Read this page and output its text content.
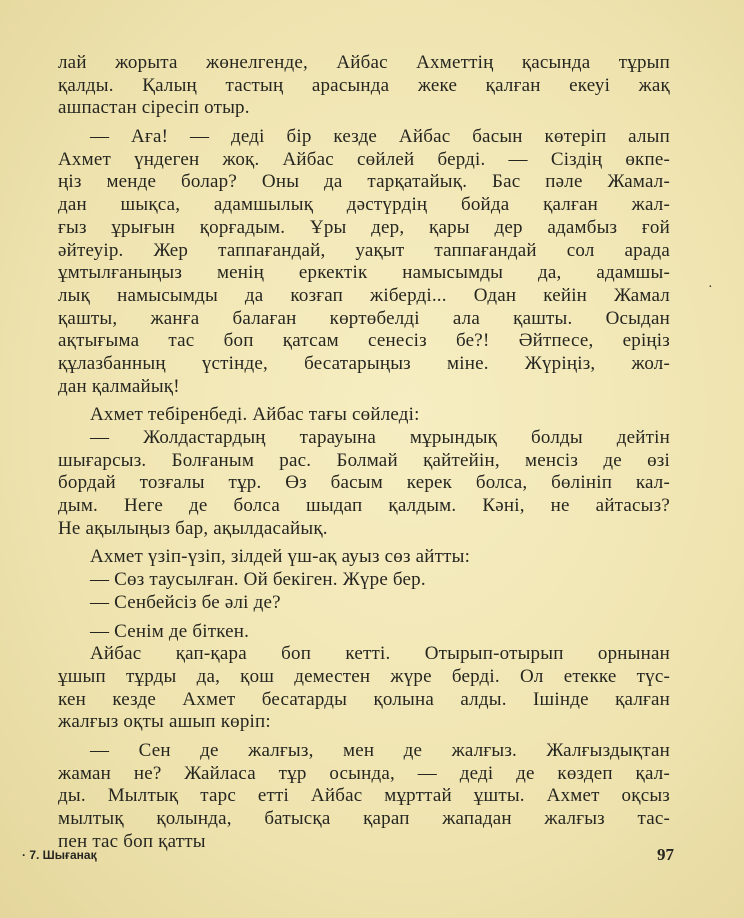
лай жорыта жөнелгенде, Айбас Ахметтің қасында тұрып
қалды. Қалың тастың арасында жеке қалған екеуі жақ
ашпастан сіресіп отыр.
— Аға! — деді бір кезде Айбас басын көтеріп алып
Ахмет үндеген жоқ. Айбас сөйлей берді. — Сіздің өкпе-
ңіз менде болар? Оны да тарқатайық. Бас пәле Жамал-
дан шықса, адамшылық дәстүрдің бойда қалған жал-
ғыз ұрығын қорғадым. Ұры дер, қары дер адамбыз ғой
әйтеуір. Жер таппағандай, уақыт таппағандай сол арада
ұмтылғаныңыз менің еркектік намысымды да, адамшы-
лық намысымды да козғап жіберді... Одан кейін Жамал
қашты, жанға балаған көртөбелді ала қашты. Осыдан
ақтығыма тас боп қатсам сенесіз бе?! Әйтпесе, еріңіз
құлазбанның үстінде, бесатарыңыз міне. Жүріңіз, жол-
дан қалмайық!
Ахмет тебіренбеді. Айбас тағы сөйледі:
— Жолдастардың тарауына мұрындық болды дейтін
шығарсыз. Болғаным рас. Болмай қайтейін, менсіз де өзі
бордай тозғалы тұр. Өз басым керек болса, бөлініп кал-
дым. Неге де болса шыдап қалдым. Кәні, не айтасыз?
Не ақылыңыз бар, ақылдасайық.
Ахмет үзіп-үзіп, зілдей үш-ақ ауыз сөз айтты:
— Сөз таусылған. Ой бекіген. Жүре бер.
— Сенбейсіз бе әлі де?
— Сенім де біткен.
Айбас қап-қара боп кетті. Отырып-отырып орнынан
ұшып тұрды да, қош деместен жүре берді. Ол етекке түс-
кен кезде Ахмет бесатарды қолына алды. Ішінде қалған
жалғыз оқты ашып көріп:
— Сен де жалғыз, мен де жалғыз. Жалғыздықтан
жаман не? Жайласа тұр осында, — деді де көздеп қал-
ды. Мылтық тарс етті Айбас мұрттай ұшты. Ахмет оқсыз
мылтық қолында, батысқа қарап жападан жалғыз тас-
пен тас боп қатты
·
· 7. Шығанақ	97
